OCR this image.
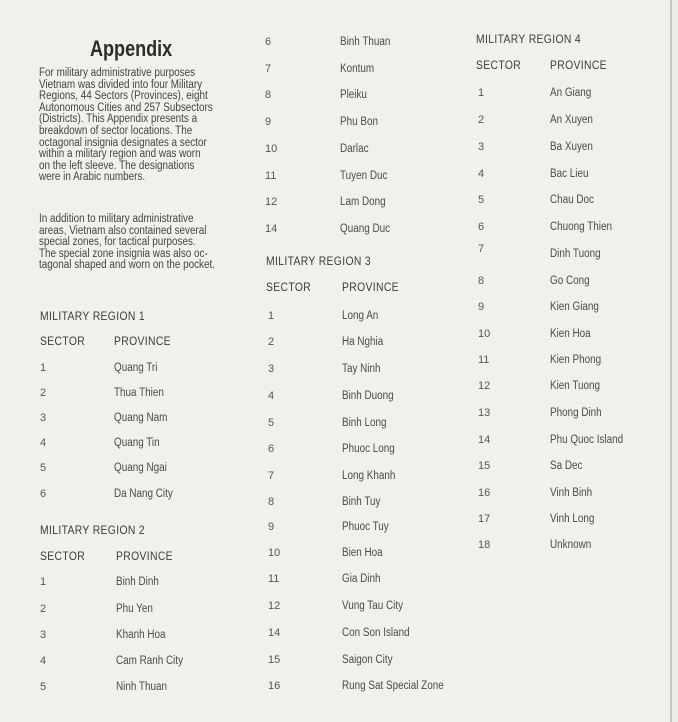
Appendix
For military administrative purposes
Vietnam was divided into four Military
Regions, 44 Sectors (Provinces), eight
Autonomous Cities and 257 Subsectors
(Districts). This Appendix presents a
breakdown of sector locations. The
octagonal insignia designates a sector
within a military region and was worn
on the left sleeve. The designations
were in Arabic numbers.
In addition to military administrative
areas, Vietnam also contained several
special zones, for tactical purposes.
The special zone insignia was also oc-
tagonal shaped and worn on the pocket.
MILITARY REGION 1
SECTOR	PROVINCE
1	Quang Tri
2	Thua Thien
3	Quang Nam
4	Quang Tin
5	Quang Ngai
6	Da Nang City
MILITARY REGION 2
SECTOR	PROVINCE
1	Binh Dinh
2	Phu Yen
3	Khanh Hoa
4	Cam Ranh City
5	Ninh Thuan
6	Binh Thuan
7	Kontum
8	Pleiku
9	Phu Bon
10	Darlac
11	Tuyen Duc
12	Lam Dong
14	Quang Duc
MILITARY REGION 3
SECTOR	PROVINCE
1	Long An
2	Ha Nghia
3	Tay Ninh
4	Binh Duong
5	Binh Long
6	Phuoc Long
7	Long Khanh
8	Binh Tuy
9	Phuoc Tuy
10	Bien Hoa
11	Gia Dinh
12	Vung Tau City
14	Con Son Island
15	Saigon City
16	Rung Sat Special Zone
MILITARY REGION 4
SECTOR	PROVINCE
1	An Giang
2	An Xuyen
3	Ba Xuyen
4	Bac Lieu
5	Chau Doc
6	Chuong Thien
7	Dinh Tuong
8	Go Cong
9	Kien Giang
10	Kien Hoa
11	Kien Phong
12	Kien Tuong
13	Phong Dinh
14	Phu Quoc Island
15	Sa Dec
16	Vinh Binh
17	Vinh Long
18	Unknown
